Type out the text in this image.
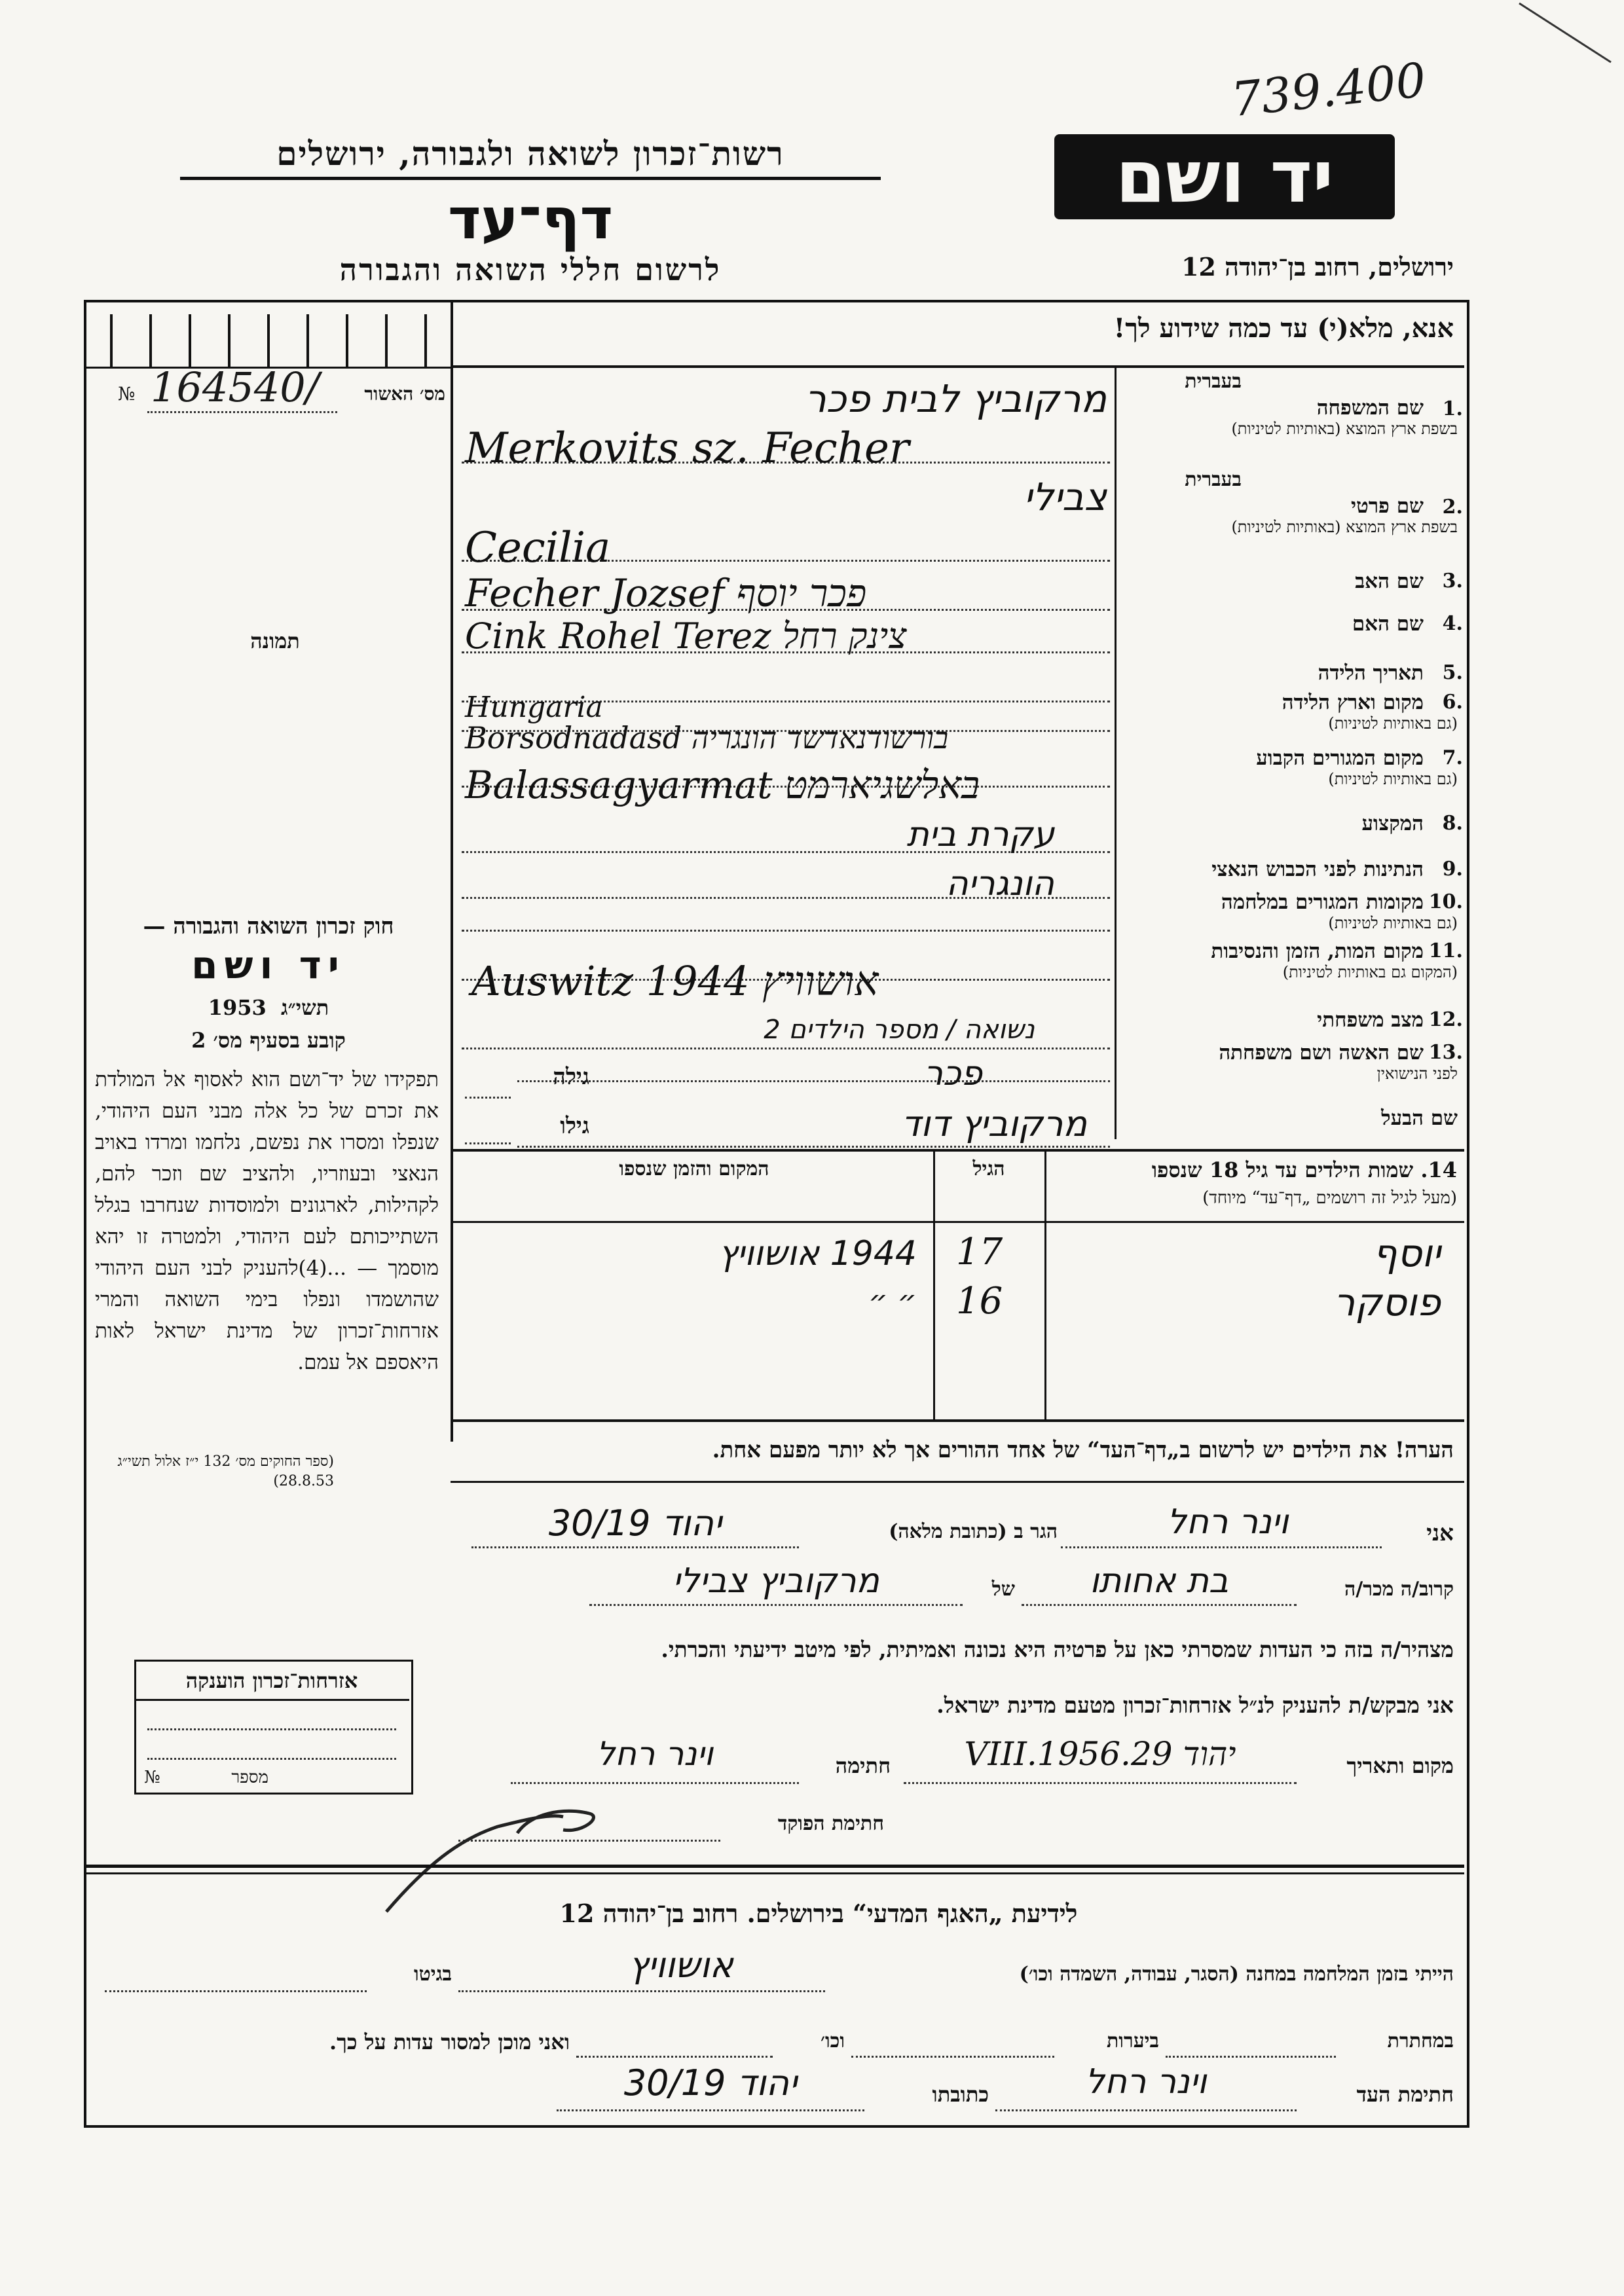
739.400
רשות־זכרון לשואה ולגבורה, ירושלים
דף־עד
לרשום חללי השואה והגבורה
יד ושם
ירושלים, רחוב בן־יהודה 12
מס׳ האשור
№ 164540/
תמונה
אנא, מלא(י) עד כמה שידוע לך!
שם המשפחה 1.
בעברית
בשפת ארץ המוצא (באותיות לטיניות)
שם פרטי 2.
בעברית
בשפת ארץ המוצא (באותיות לטיניות)
שם האב 3.
שם האם 4.
תאריך הלידה 5.
מקום וארץ הלידה 6.
(גם באותיות לטיניות)
מקום המגורים הקבוע 7.
(גם באותיות לטיניות)
המקצוע 8.
הנתינות לפני הכבוש הנאצי 9.
מקומות המגורים במלחמה 10.
(גם באותיות לטיניות)
מקום המות, הזמן והנסיבות 11.
(המקום גם באותיות לטיניות)
מצב משפחתי 12.
שם האשה ושם משפחתה 13.
לפני הנישואין
שם הבעל
מרקוביץ לבית פכר
Merkovits sz. Fecher
צבילי
Cecilia
Fecher Jozsef פכר יוסף
Cink Rohel Terez צינק רחל
Hungaria
Borsodnadasd בורשודנאדשד הונגריה
Balassagyarmat באלשגיארמט
עקרת בית
הונגריה
Auswitz 1944 אושוויץ
נשואה / מספר הילדים 2
פכר
גילה
מרקוביץ דוד
גילו
14. שמות הילדים עד גיל 18 שנספו
(מעל לגיל זה רושמים „דף־עד“ מיוחד)
הגיל
המקום והזמן שנספו
יוסף
17
1944 אושוויץ
פוסקר
16
״ ״
הערה! את הילדים יש לרשום ב„דף־העד“ של אחד ההורים אך לא יותר מפעם אחת.
חוק זכרון השואה והגבורה —
יד ושם
1953 תשי״ג
קובע בסעיף מס׳ 2
תפקידו של יד־ושם הוא לאסוף אל המולדת את זכרם של כל אלה מבני העם היהודי, שנפלו ומסרו את נפשם, נלחמו ומרדו באויב הנאצי ובעוזריו, ולהציב שם וזכר להם, לקהילות, לארגונים ולמוסדות שנחרבו בגלל השתייכותם לעם היהודי, ולמטרה זו יהא מוסמך — ...(4)להעניק לבני העם היהודי שהושמדו ונפלו בימי השואה והמרי אזרחות־זכרון של מדינת ישראל לאות היאספם אל עמם.
(ספר החוקים מס׳ 132 י״ז אלול תשי״ג 28.8.53)
אזרחות־זכרון הוענקה
מספר
№
אני
וינר רחל
הגר ב (כתובת מלאה)
יהוד 30/19
קרוב/ה מכר/ה
בת אחותו
של
מרקוביץ צבילי
מצהיר/ה בזה כי העדות שמסרתי כאן על פרטיה היא נכונה ואמיתית, לפי מיטב ידיעתי והכרתי.
אני מבקש/ת להעניק לנ״ל אזרחות־זכרון מטעם מדינת ישראל.
מקום ותאריך
יהוד 29.VIII.1956
חתימה
וינר רחל
חתימת הפוקד
לידיעת „האגף המדעי“ בירושלים. רחוב בן־יהודה 12
הייתי בזמן המלחמה במחנה (הסגר, עבודה, השמדה וכו׳)
אושוויץ
בגיטו
במחתרת
ביערות
וכו׳
ואני מוכן למסור עדות על כך.
חתימת העד
וינר רחל
כתובתו
יהוד 30/19
